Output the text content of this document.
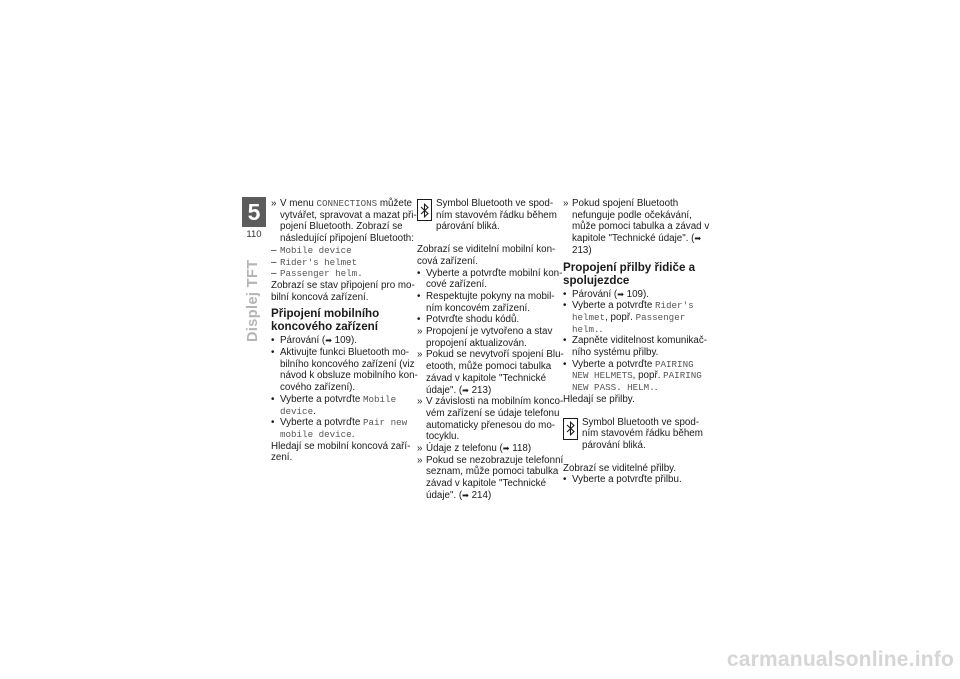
5
110
Displej TFT
» V menu CONNECTIONS můžete vytvářet, spravovat a mazat při- pojení Bluetooth. Zobrazí se následující připojení Bluetooth:
– Mobile device
– Rider's helmet
– Passenger helm.

Zobrazí se stav připojení pro mo- bilní koncová zařízení.

Připojení mobilního koncového zařízení
• Párování (➡ 109).
• Aktivujte funkci Bluetooth mo- bilního koncového zařízení (viz návod k obsluze mobilního kon- cového zařízení).
• Vyberte a potvrďte Mobile device.
• Vyberte a potvrďte Pair new mobile device.

Hledají se mobilní koncová zaří- zení.

Symbol Bluetooth ve spod- ním stavovém řádku během párování bliká.

Zobrazí se viditelní mobilní kon- cová zařízení.

• Vyberte a potvrďte mobilní kon- cové zařízení.
• Respektujte pokyny na mobil- ním koncovém zařízení.
• Potvrďte shodu kódů.
» Propojení je vytvořeno a stav propojení aktualizován.
» Pokud se nevytvoří spojení Blu- etooth, může pomoci tabulka závad v kapitole "Technické údaje". (➡ 213)
» V závislosti na mobilním konco- vém zařízení se údaje telefonu automaticky přenesou do mo- tocyklu.
» Údaje z telefonu (➡ 118)
» Pokud se nezobrazuje telefonní seznam, může pomoci tabulka závad v kapitole "Technické údaje". (➡ 214)
» Pokud spojení Bluetooth nefunguje podle očekávání, může pomoci tabulka a závad v kapitole "Technické údaje". (➡ 213)
Propojení přilby řidiče a spolujezdce
• Párování (➡ 109).
• Vyberte a potvrďte Rider's helmet, popř. Passenger helm..
• Zapněte viditelnost komunikač- ního systému přilby.
• Vyberte a potvrďte PAIRING NEW HELMETS, popř. PAIRING NEW PASS. HELM..

Hledají se přilby.

Symbol Bluetooth ve spod- ním stavovém řádku během párování bliká.

Zobrazí se viditelné přilby.

• Vyberte a potvrďte přilbu.
carmanualsonline.info
